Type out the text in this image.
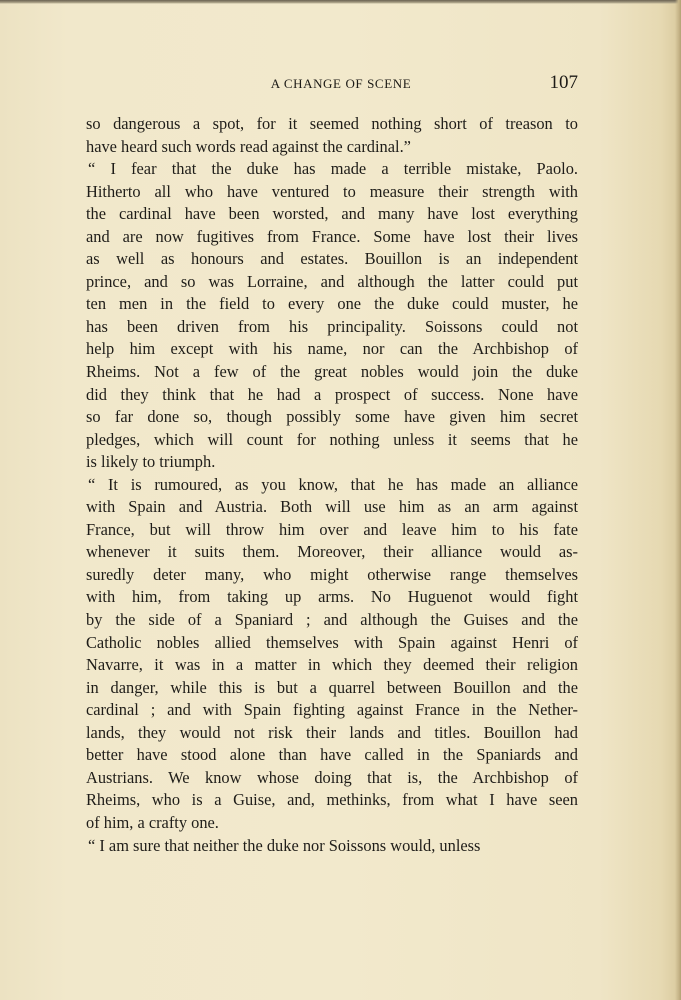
A CHANGE OF SCENE	107

so dangerous a spot, for it seemed nothing short of treason to

have heard such words read against the cardinal.”

“ I fear that the duke has made a terrible mistake, Paolo.

Hitherto all who have ventured to measure their strength with

the cardinal have been worsted, and many have lost everything

and are now fugitives from France. Some have lost their lives

as well as honours and estates. Bouillon is an independent

prince, and so was Lorraine, and although the latter could put

ten men in the field to every one the duke could muster, he

has been driven from his principality. Soissons could not

help him except with his name, nor can the Archbishop of

Rheims. Not a few of the great nobles would join the duke

did they think that he had a prospect of success. None have

so far done so, though possibly some have given him secret

pledges, which will count for nothing unless it seems that he

is likely to triumph.

“ It is rumoured, as you know, that he has made an alliance

with Spain and Austria. Both will use him as an arm against

France, but will throw him over and leave him to his fate

whenever it suits them. Moreover, their alliance would as-

suredly deter many, who might otherwise range themselves

with him, from taking up arms. No Huguenot would fight

by the side of a Spaniard ; and although the Guises and the

Catholic nobles allied themselves with Spain against Henri of

Navarre, it was in a matter in which they deemed their religion

in danger, while this is but a quarrel between Bouillon and the

cardinal ; and with Spain fighting against France in the Nether-

lands, they would not risk their lands and titles. Bouillon had

better have stood alone than have called in the Spaniards and

Austrians. We know whose doing that is, the Archbishop of

Rheims, who is a Guise, and, methinks, from what I have seen

of him, a crafty one.

“ I am sure that neither the duke nor Soissons would, unless
